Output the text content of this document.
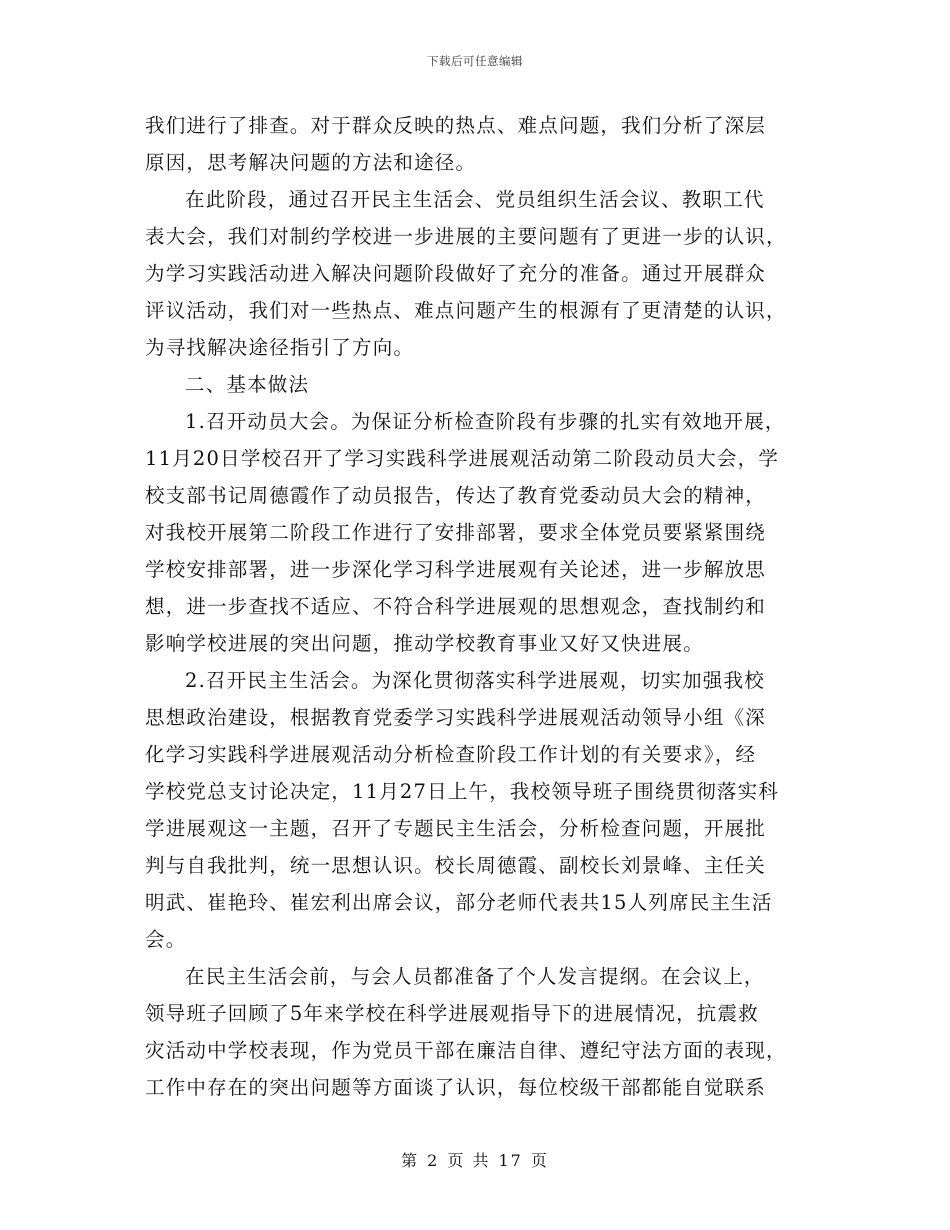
下载后可任意编辑
我们进行了排查。对于群众反映的热点、难点问题，我们分析了深层
原因，思考解决问题的方法和途径。
在此阶段，通过召开民主生活会、党员组织生活会议、教职工代
表大会，我们对制约学校进一步进展的主要问题有了更进一步的认识，
为学习实践活动进入解决问题阶段做好了充分的准备。通过开展群众
评议活动，我们对一些热点、难点问题产生的根源有了更清楚的认识，
为寻找解决途径指引了方向。
二、基本做法
1.召开动员大会。为保证分析检查阶段有步骤的扎实有效地开展，
11月20日学校召开了学习实践科学进展观活动第二阶段动员大会，学
校支部书记周德霞作了动员报告，传达了教育党委动员大会的精神，
对我校开展第二阶段工作进行了安排部署，要求全体党员要紧紧围绕
学校安排部署，进一步深化学习科学进展观有关论述，进一步解放思
想，进一步查找不适应、不符合科学进展观的思想观念，查找制约和
影响学校进展的突出问题，推动学校教育事业又好又快进展。
2.召开民主生活会。为深化贯彻落实科学进展观，切实加强我校
思想政治建设，根据教育党委学习实践科学进展观活动领导小组《深
化学习实践科学进展观活动分析检查阶段工作计划的有关要求》，经
学校党总支讨论决定，11月27日上午，我校领导班子围绕贯彻落实科
学进展观这一主题，召开了专题民主生活会，分析检查问题，开展批
判与自我批判，统一思想认识。校长周德霞、副校长刘景峰、主任关
明武、崔艳玲、崔宏利出席会议，部分老师代表共15人列席民主生活
会。
在民主生活会前，与会人员都准备了个人发言提纲。在会议上，
领导班子回顾了5年来学校在科学进展观指导下的进展情况，抗震救
灾活动中学校表现，作为党员干部在廉洁自律、遵纪守法方面的表现，
工作中存在的突出问题等方面谈了认识，每位校级干部都能自觉联系
第 2 页 共 17 页
